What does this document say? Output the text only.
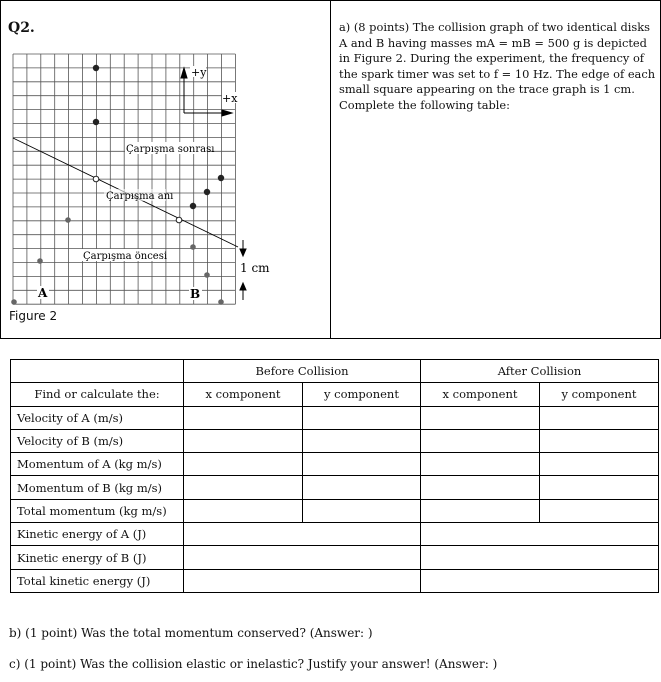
Q2.
+y
+x
Çarpışma sonrası
Çarpışma anı
Çarpışma öncesi
1 cm
A	B
Figure 2
a) (8 points) The collision graph of two identical disks A and B having masses mA = mB = 500 g is depicted in Figure 2. During the experiment, the frequency of the spark timer was set to f = 10 Hz. The edge of each small square appearing on the trace graph is 1 cm. Complete the following table:
	Before Collision		After Collision	
Find or calculate the:	x component	y component	x component	y component
Velocity of A (m/s)				
Velocity of B (m/s)				
Momentum of A (kg m/s)				
Momentum of B (kg m/s)				
Total momentum (kg m/s)				
Kinetic energy of A (J)				
Kinetic energy of B (J)				
Total kinetic energy (J)				
b) (1 point) Was the total momentum conserved? (Answer: )
c) (1 point) Was the collision elastic or inelastic? Justify your answer! (Answer: )
